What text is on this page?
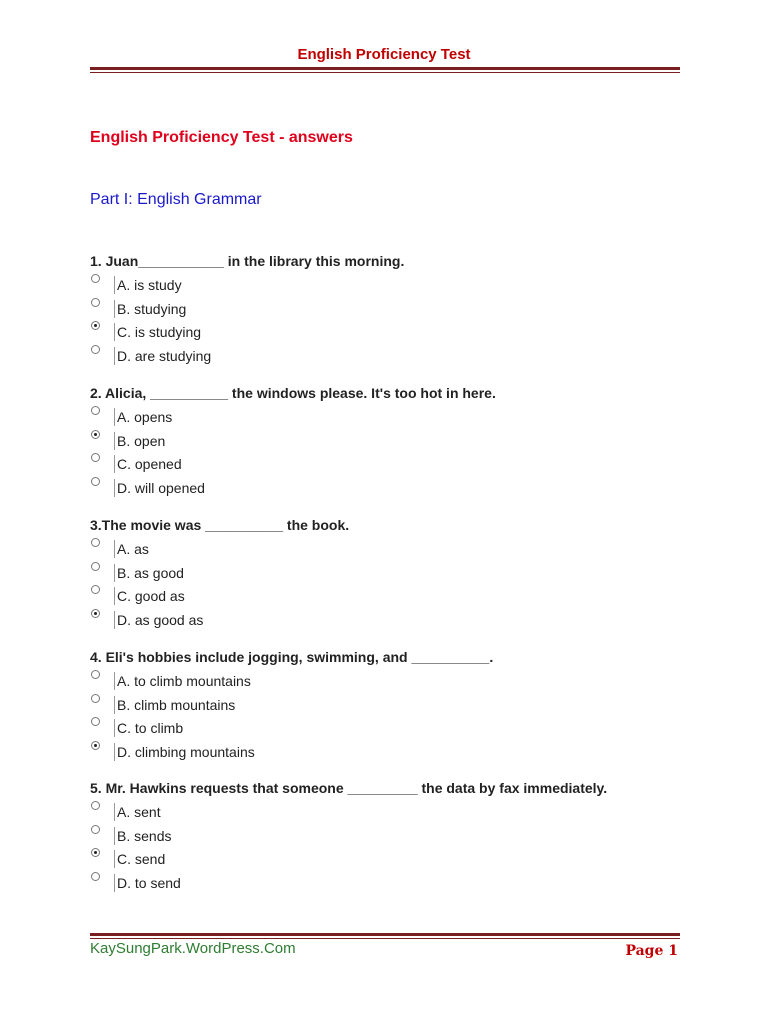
English Proficiency Test
English Proficiency Test - answers
Part I: English Grammar
1. Juan___________ in the library this morning.
A. is study
B. studying
C. is studying
D. are studying
2. Alicia, __________ the windows please. It's too hot in here.
A. opens
B. open
C. opened
D. will opened
3.The movie was __________ the book.
A. as
B. as good
C. good as
D. as good as
4. Eli's hobbies include jogging, swimming, and __________.
A. to climb mountains
B. climb mountains
C. to climb
D. climbing mountains
5. Mr. Hawkins requests that someone _________ the data by fax immediately.
A. sent
B. sends
C. send
D. to send
KaySungPark.WordPress.Com	Page 1
